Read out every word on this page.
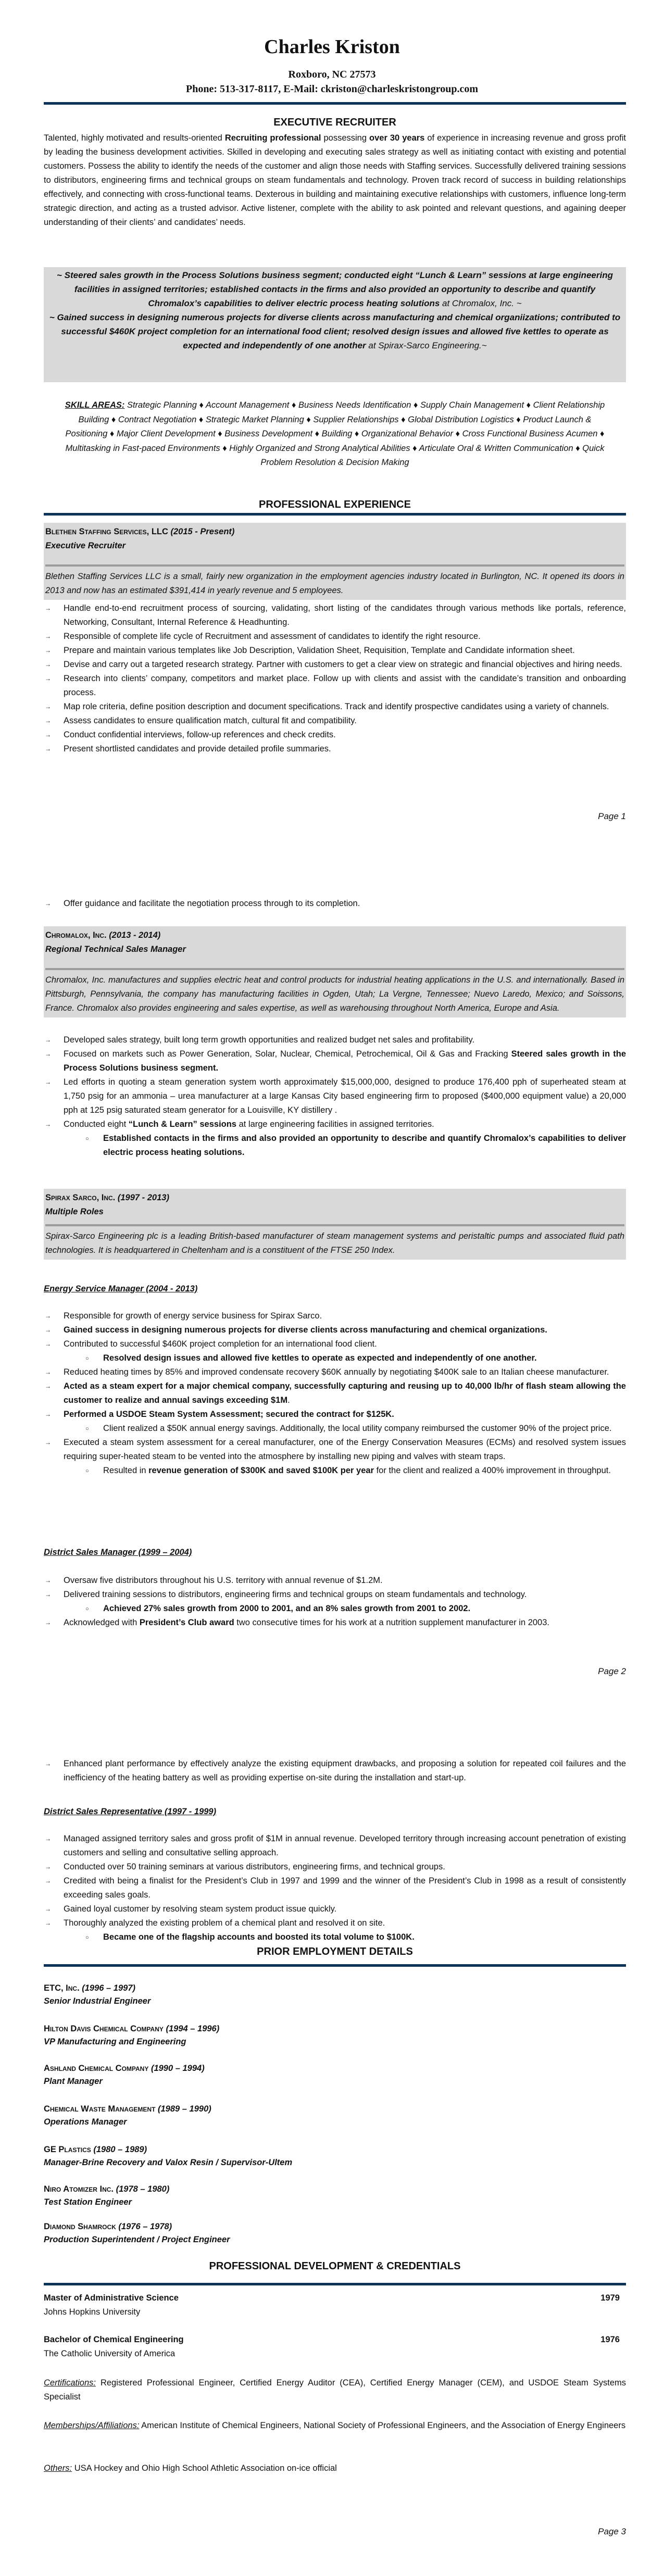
Charles Kriston
Roxboro, NC 27573
Phone: 513-317-8117, E-Mail: ckriston@charleskristongroup.com
EXECUTIVE RECRUITER
Talented, highly motivated and results-oriented Recruiting professional possessing over 30 years of experience in increasing revenue and gross profit by leading the business development activities. Skilled in developing and executing sales strategy as well as initiating contact with existing and potential customers. Possess the ability to identify the needs of the customer and align those needs with Staffing services. Successfully delivered training sessions to distributors, engineering firms and technical groups on steam fundamentals and technology. Proven track record of success in building relationships effectively, and connecting with cross-functional teams. Dexterous in building and maintaining executive relationships with customers, influence long-term strategic direction, and acting as a trusted advisor. Active listener, complete with the ability to ask pointed and relevant questions, and againing deeper understanding of their clients’ and candidates’ needs.
~ Steered sales growth in the Process Solutions business segment; conducted eight “Lunch & Learn” sessions at large engineering facilities in assigned territories; established contacts in the firms and also provided an opportunity to describe and quantify Chromalox’s capabilities to deliver electric process heating solutions at Chromalox, Inc. ~
~ Gained success in designing numerous projects for diverse clients across manufacturing and chemical organiizations; contributed to successful $460K project completion for an international food client; resolved design issues and allowed five kettles to operate as expected and independently of one another at Spirax-Sarco Engineering.~
SKILL AREAS: Strategic Planning ♦ Account Management ♦ Business Needs Identification ♦ Supply Chain Management ♦ Client Relationship Building ♦ Contract Negotiation ♦ Strategic Market Planning ♦ Supplier Relationships ♦ Global Distribution Logistics ♦ Product Launch & Positioning ♦ Major Client Development ♦ Business Development ♦ Building ♦ Organizational Behavior ♦ Cross Functional Business Acumen ♦ Multitasking in Fast-paced Environments ♦ Highly Organized and Strong Analytical Abilities ♦ Articulate Oral & Written Communication ♦ Quick Problem Resolution & Decision Making
PROFESSIONAL EXPERIENCE
Blethen Staffing Services, LLC (2015 - Present)
Executive Recruiter
Blethen Staffing Services LLC is a small, fairly new organization in the employment agencies industry located in Burlington, NC. It opened its doors in 2013 and now has an estimated $391,414 in yearly revenue and 5 employees.
→ Handle end-to-end recruitment process of sourcing, validating, short listing of the candidates through various methods like portals, reference, Networking, Consultant, Internal Reference & Headhunting.
→ Responsible of complete life cycle of Recruitment and assessment of candidates to identify the right resource.
→ Prepare and maintain various templates like Job Description, Validation Sheet, Requisition, Template and Candidate information sheet.
→ Devise and carry out a targeted research strategy. Partner with customers to get a clear view on strategic and financial objectives and hiring needs.
→ Research into clients’ company, competitors and market place. Follow up with clients and assist with the candidate’s transition and onboarding process.
→ Map role criteria, define position description and document specifications. Track and identify prospective candidates using a variety of channels.
→ Assess candidates to ensure qualification match, cultural fit and compatibility.
→ Conduct confidential interviews, follow-up references and check credits.
→ Present shortlisted candidates and provide detailed profile summaries.
Page 1
→ Offer guidance and facilitate the negotiation process through to its completion.
Chromalox, Inc. (2013 - 2014)
Regional Technical Sales Manager
Chromalox, Inc. manufactures and supplies electric heat and control products for industrial heating applications in the U.S. and internationally. Based in Pittsburgh, Pennsylvania, the company has manufacturing facilities in Ogden, Utah; La Vergne, Tennessee; Nuevo Laredo, Mexico; and Soissons, France. Chromalox also provides engineering and sales expertise, as well as warehousing throughout North America, Europe and Asia.
→ Developed sales strategy, built long term growth opportunities and realized budget net sales and profitability.
→ Focused on markets such as Power Generation, Solar, Nuclear, Chemical, Petrochemical, Oil & Gas and Fracking Steered sales growth in the Process Solutions business segment.
→ Led efforts in quoting a steam generation system worth approximately $15,000,000, designed to produce 176,400 pph of superheated steam at 1,750 psig for an ammonia – urea manufacturer at a large Kansas City based engineering firm to proposed ($400,000 equipment value) a 20,000 pph at 125 psig saturated steam generator for a Louisville, KY distillery .
→ Conducted eight “Lunch & Learn” sessions at large engineering facilities in assigned territories.
○ Established contacts in the firms and also provided an opportunity to describe and quantify Chromalox’s capabilities to deliver electric process heating solutions.
Spirax Sarco, Inc. (1997 - 2013)
Multiple Roles
Spirax-Sarco Engineering plc is a leading British-based manufacturer of steam management systems and peristaltic pumps and associated fluid path technologies. It is headquartered in Cheltenham and is a constituent of the FTSE 250 Index.
Energy Service Manager (2004 - 2013)
→ Responsible for growth of energy service business for Spirax Sarco.
→ Gained success in designing numerous projects for diverse clients across manufacturing and chemical organizations.
→ Contributed to successful $460K project completion for an international food client.
○ Resolved design issues and allowed five kettles to operate as expected and independently of one another.
→ Reduced heating times by 85% and improved condensate recovery $60K annually by negotiating $400K sale to an Italian cheese manufacturer.
→ Acted as a steam expert for a major chemical company, successfully capturing and reusing up to 40,000 lb/hr of flash steam allowing the customer to realize and annual savings exceeding $1M.
→ Performed a USDOE Steam System Assessment; secured the contract for $125K.
○ Client realized a $50K annual energy savings. Additionally, the local utility company reimbursed the customer 90% of the project price.
→ Executed a steam system assessment for a cereal manufacturer, one of the Energy Conservation Measures (ECMs) and resolved system issues requiring super-heated steam to be vented into the atmosphere by installing new piping and valves with steam traps.
○ Resulted in revenue generation of $300K and saved $100K per year for the client and realized a 400% improvement in throughput.
District Sales Manager (1999 – 2004)
→ Oversaw five distributors throughout his U.S. territory with annual revenue of $1.2M.
→ Delivered training sessions to distributors, engineering firms and technical groups on steam fundamentals and technology.
○ Achieved 27% sales growth from 2000 to 2001, and an 8% sales growth from 2001 to 2002.
→ Acknowledged with President’s Club award two consecutive times for his work at a nutrition supplement manufacturer in 2003.
Page 2
→ Enhanced plant performance by effectively analyze the existing equipment drawbacks, and proposing a solution for repeated coil failures and the inefficiency of the heating battery as well as providing expertise on-site during the installation and start-up.
District Sales Representative (1997 - 1999)
→ Managed assigned territory sales and gross profit of $1M in annual revenue. Developed territory through increasing account penetration of existing customers and selling and consultative selling approach.
→ Conducted over 50 training seminars at various distributors, engineering firms, and technical groups.
→ Credited with being a finalist for the President’s Club in 1997 and 1999 and the winner of the President’s Club in 1998 as a result of consistently exceeding sales goals.
→ Gained loyal customer by resolving steam system product issue quickly.
→ Thoroughly analyzed the existing problem of a chemical plant and resolved it on site.
○ Became one of the flagship accounts and boosted its total volume to $100K.
PRIOR EMPLOYMENT DETAILS
ETC, Inc. (1996 – 1997)
Senior Industrial Engineer
Hilton Davis Chemical Company (1994 – 1996)
VP Manufacturing and Engineering
Ashland Chemical Company (1990 – 1994)
Plant Manager
Chemical Waste Management (1989 – 1990)
Operations Manager
GE Plastics (1980 – 1989)
Manager-Brine Recovery and Valox Resin / Supervisor-Ultem
Niro Atomizer Inc. (1978 – 1980)
Test Station Engineer
Diamond Shamrock (1976 – 1978)
Production Superintendent / Project Engineer
PROFESSIONAL DEVELOPMENT & CREDENTIALS
Master of Administrative Science	1979
Johns Hopkins University
Bachelor of Chemical Engineering	1976
The Catholic University of America
Certifications: Registered Professional Engineer, Certified Energy Auditor (CEA), Certified Energy Manager (CEM), and USDOE Steam Systems Specialist
Memberships/Affiliations: American Institute of Chemical Engineers, National Society of Professional Engineers, and the Association of Energy Engineers
Others: USA Hockey and Ohio High School Athletic Association on-ice official
Page 3
